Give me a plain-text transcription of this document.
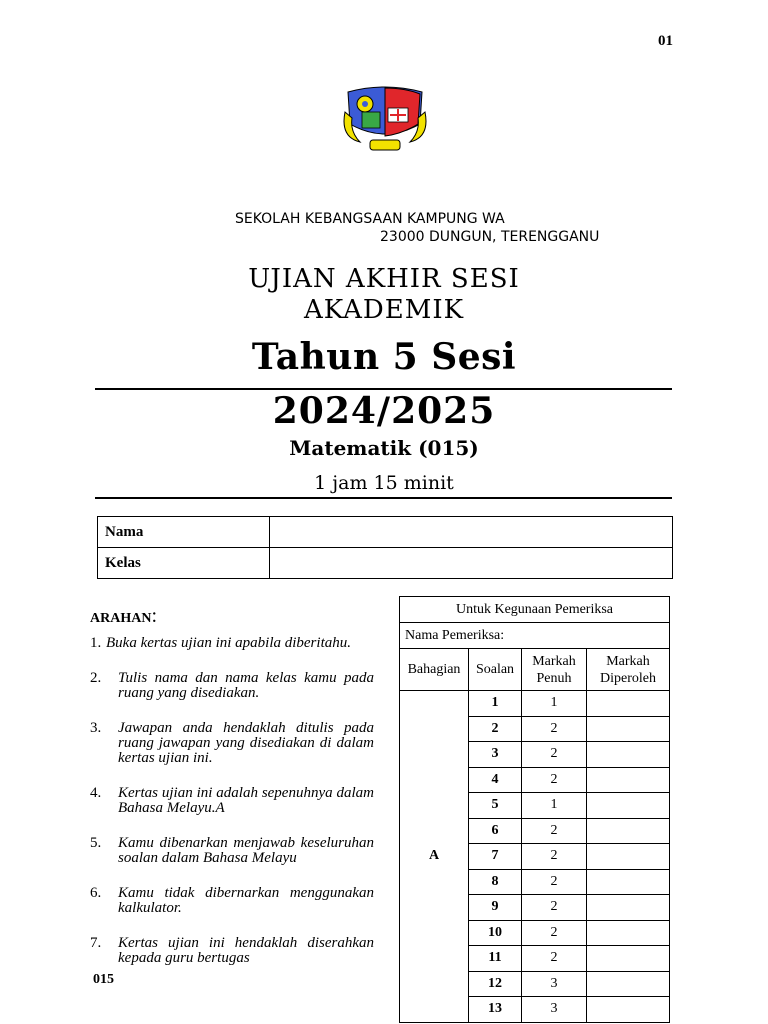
01
SEKOLAH KEBANGSAAN KAMPUNG WA
23000 DUNGUN, TERENGGANU
UJIAN AKHIR SESI
AKADEMIK
Tahun 5 Sesi
2024/2025
Matematik (015)
1 jam 15 minit
Nama	
Kelas	
ARAHAN:
1. Buka kertas ujian ini apabila diberitahu.
2.	Tulis nama dan nama kelas kamu pada ruang yang disediakan.
3.	Jawapan anda hendaklah ditulis pada ruang jawapan yang disediakan di dalam kertas ujian ini.
4.	Kertas ujian ini adalah sepenuhnya dalam Bahasa Melayu.A
5.	Kamu dibenarkan menjawab keseluruhan soalan dalam Bahasa Melayu
6.	Kamu tidak dibernarkan menggunakan kalkulator.
7.	Kertas ujian ini hendaklah diserahkan kepada guru bertugas
015
Untuk Kegunaan Pemeriksa			
Nama Pemeriksa:			
Bahagian	Soalan	Markah Penuh	Markah Diperoleh
A	1	1	
	2	2	
	3	2	
	4	2	
	5	1	
	6	2	
	7	2	
	8	2	
	9	2	
	10	2	
	11	2	
	12	3	
	13	3	
